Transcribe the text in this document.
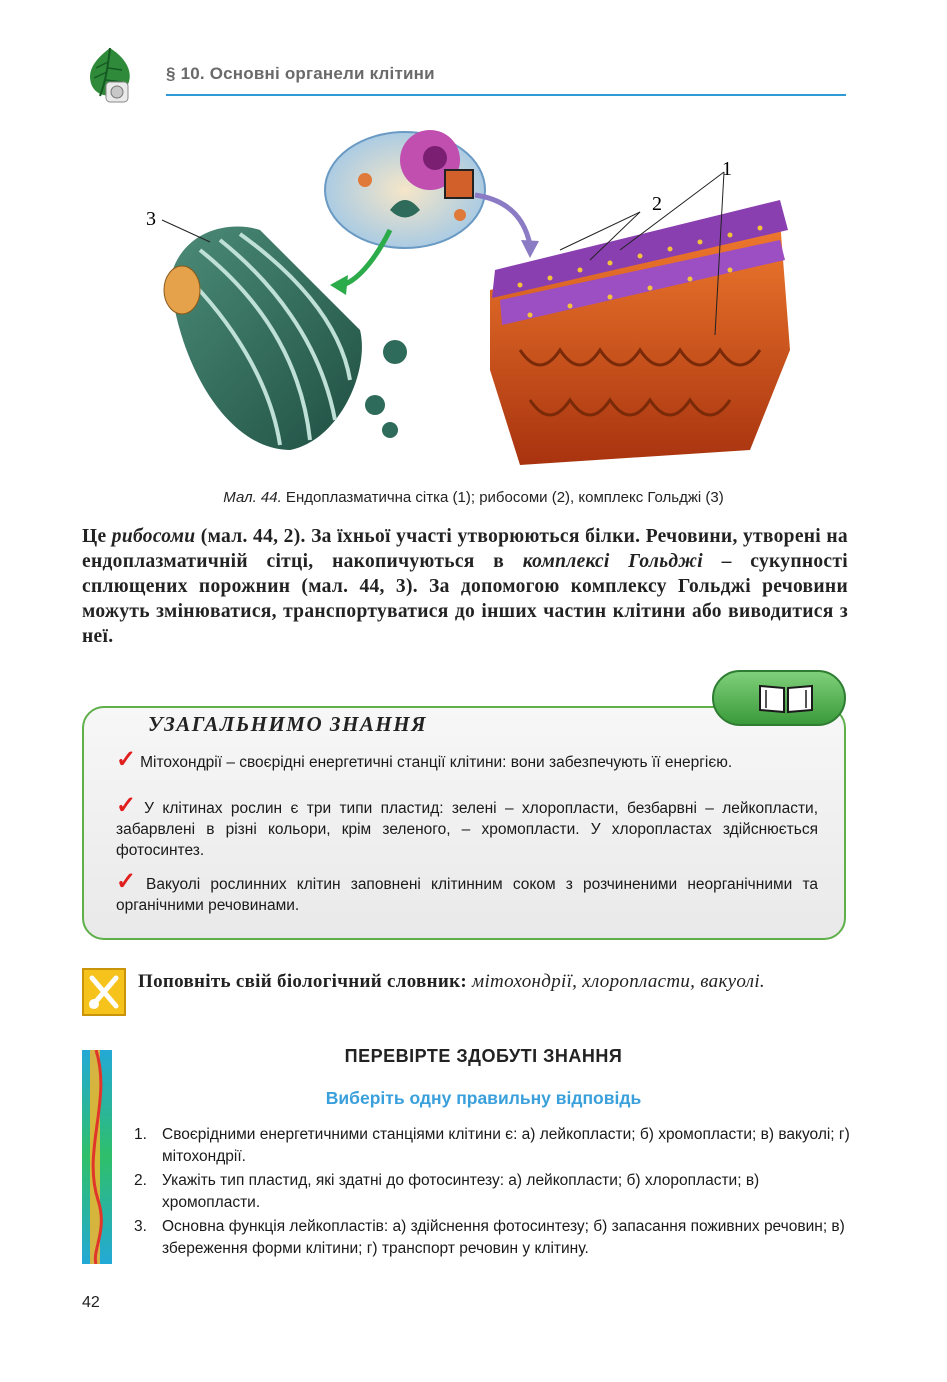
§ 10. Основні органели клітини
3
2
1
Мал. 44. Ендоплазматична сітка (1); рибосоми (2), комплекс Гольджі (3)
Це рибосоми (мал. 44, 2). За їхньої участі утворюються білки. Речовини, утворені на ендоплазматичній сітці, накопичуються в комплексі Гольджі – сукупності сплющених порожнин (мал. 44, 3). За допомогою комплексу Гольджі речовини можуть змінюватися, транспортуватися до інших частин клітини або виводитися з неї.
УЗАГАЛЬНИМО ЗНАННЯ
✓ Мітохондрії – своєрідні енергетичні станції клітини: вони забезпечують її енергією.
✓ У клітинах рослин є три типи пластид: зелені – хлоропласти, безбарвні – лейкопласти, забарвлені в різні кольори, крім зеленого, – хромопласти. У хлоропластах здійснюється фотосинтез.
✓ Вакуолі рослинних клітин заповнені клітинним соком з розчиненими неорганічними та органічними речовинами.
Поповніть свій біологічний словник: мітохондрії, хлоропласти, вакуолі.
ПЕРЕВІРТЕ ЗДОБУТІ ЗНАННЯ
Виберіть одну правильну відповідь
1. Своєрідними енергетичними станціями клітини є: а) лейкопласти; б) хромопласти; в) вакуолі; г) мітохондрії.
2. Укажіть тип пластид, які здатні до фотосинтезу: а) лейкопласти; б) хлоропласти; в) хромопласти.
3. Основна функція лейкопластів: а) здійснення фотосинтезу; б) запасання поживних речовин; в) збереження форми клітини; г) транспорт речовин у клітину.
42
